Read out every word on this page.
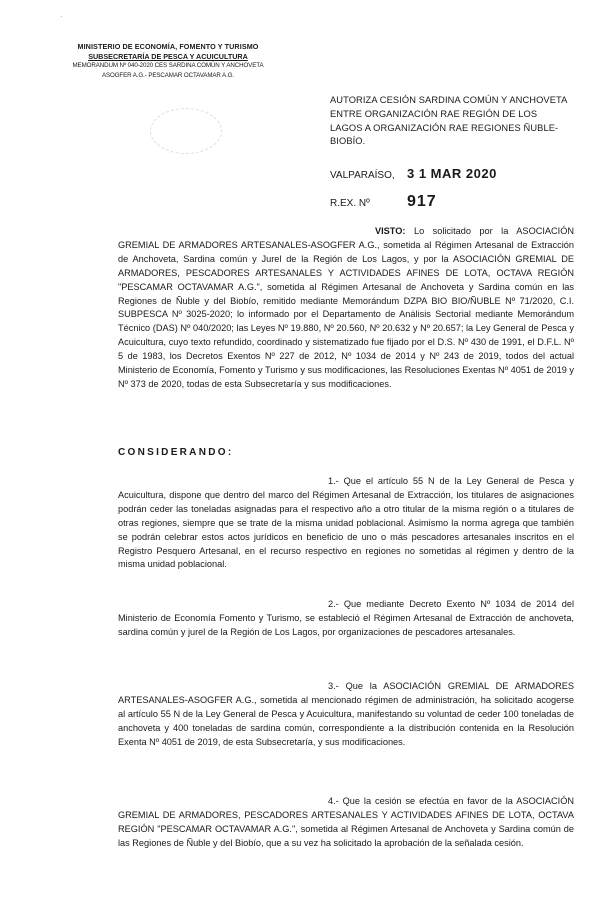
·
MINISTERIO DE ECONOMÍA, FOMENTO Y TURISMO
SUBSECRETARÍA DE PESCA Y ACUICULTURA
MEMORANDUM Nº 040-2020 CES SARDINA COMÚN Y ANCHOVETA
ASOGFER A.G.- PESCAMAR OCTAVAMAR A.G.
AUTORIZA CESIÓN SARDINA COMÚN Y ANCHOVETA ENTRE ORGANIZACIÓN RAE REGIÓN DE LOS LAGOS A ORGANIZACIÓN RAE REGIONES ÑUBLE-BIOBÍO.
VALPARAÍSO, 3 1 MAR 2020
R.EX. Nº 917
VISTO: Lo solicitado por la ASOCIACIÓN GREMIAL DE ARMADORES ARTESANALES-ASOGFER A.G., sometida al Régimen Artesanal de Extracción de Anchoveta, Sardina común y Jurel de la Región de Los Lagos, y por la ASOCIACIÓN GREMIAL DE ARMADORES, PESCADORES ARTESANALES Y ACTIVIDADES AFINES DE LOTA, OCTAVA REGIÓN "PESCAMAR OCTAVAMAR A.G.", sometida al Régimen Artesanal de Anchoveta y Sardina común en las Regiones de Ñuble y del Biobío, remitido mediante Memorándum DZPA BIO BIO/ÑUBLE Nº 71/2020, C.I. SUBPESCA Nº 3025-2020; lo informado por el Departamento de Análisis Sectorial mediante Memorándum Técnico (DAS) Nº 040/2020; las Leyes Nº 19.880, Nº 20.560, Nº 20.632 y Nº 20.657; la Ley General de Pesca y Acuicultura, cuyo texto refundido, coordinado y sistematizado fue fijado por el D.S. Nº 430 de 1991, el D.F.L. Nº 5 de 1983, los Decretos Exentos Nº 227 de 2012, Nº 1034 de 2014 y Nº 243 de 2019, todos del actual Ministerio de Economía, Fomento y Turismo y sus modificaciones, las Resoluciones Exentas Nº 4051 de 2019 y Nº 373 de 2020, todas de esta Subsecretaría y sus modificaciones.
CONSIDERANDO:
1.- Que el artículo 55 N de la Ley General de Pesca y Acuicultura, dispone que dentro del marco del Régimen Artesanal de Extracción, los titulares de asignaciones podrán ceder las toneladas asignadas para el respectivo año a otro titular de la misma región o a titulares de otras regiones, siempre que se trate de la misma unidad poblacional. Asimismo la norma agrega que también se podrán celebrar estos actos jurídicos en beneficio de uno o más pescadores artesanales inscritos en el Registro Pesquero Artesanal, en el recurso respectivo en regiones no sometidas al régimen y dentro de la misma unidad poblacional.
2.- Que mediante Decreto Exento Nº 1034 de 2014 del Ministerio de Economía Fomento y Turismo, se estableció el Régimen Artesanal de Extracción de anchoveta, sardina común y jurel de la Región de Los Lagos, por organizaciones de pescadores artesanales.
3.- Que la ASOCIACIÓN GREMIAL DE ARMADORES ARTESANALES-ASOGFER A.G., sometida al mencionado régimen de administración, ha solicitado acogerse al artículo 55 N de la Ley General de Pesca y Acuicultura, manifestando su voluntad de ceder 100 toneladas de anchoveta y 400 toneladas de sardina común, correspondiente a la distribución contenida en la Resolución Exenta Nº 4051 de 2019, de esta Subsecretaría, y sus modificaciones.
4.- Que la cesión se efectúa en favor de la ASOCIACIÓN GREMIAL DE ARMADORES, PESCADORES ARTESANALES Y ACTIVIDADES AFINES DE LOTA, OCTAVA REGIÓN "PESCAMAR OCTAVAMAR A.G.", sometida al Régimen Artesanal de Anchoveta y Sardina común de las Regiones de Ñuble y del Biobío, que a su vez ha solicitado la aprobación de la señalada cesión.
